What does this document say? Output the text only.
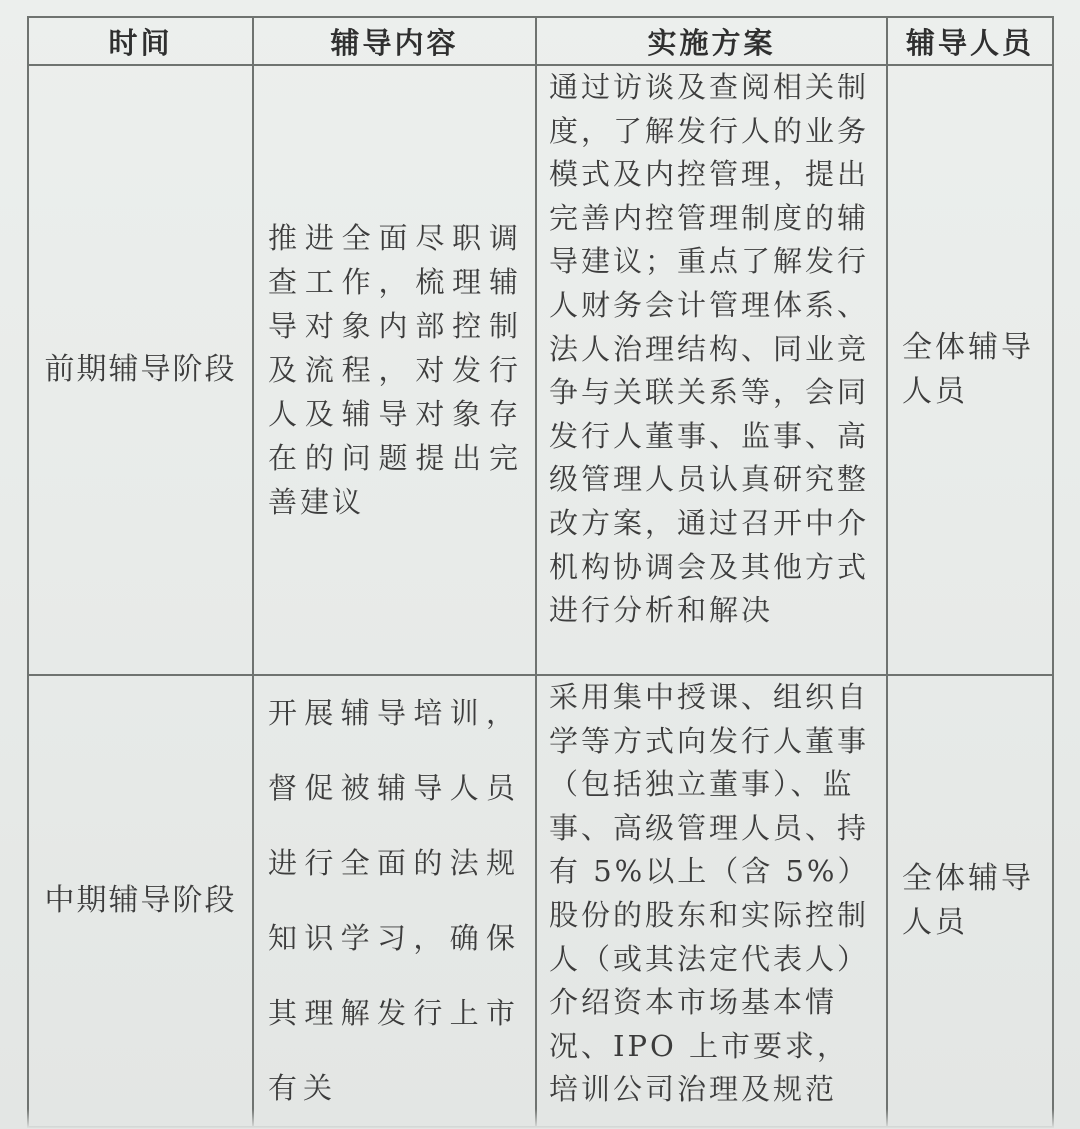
时间	辅导内容	实施方案	辅导人员
前期辅导阶段	推进全面尽职调查工作，梳理辅导对象内部控制及流程，对发行人及辅导对象存在的问题提出完善建议	通过访谈及查阅相关制度，了解发行人的业务模式及内控管理，提出完善内控管理制度的辅导建议；重点了解发行人财务会计管理体系、法人治理结构、同业竞争与关联关系等，会同发行人董事、监事、高级管理人员认真研究整改方案，通过召开中介机构协调会及其他方式进行分析和解决	全体辅导人员
中期辅导阶段	开展辅导培训，督促被辅导人员进行全面的法规知识学习，确保其理解发行上市有关	采用集中授课、组织自学等方式向发行人董事（包括独立董事）、监事、高级管理人员、持有 5%以上（含 5%）股份的股东和实际控制人（或其法定代表人）介绍资本市场基本情况、IPO 上市要求，培训公司治理及规范	全体辅导人员
